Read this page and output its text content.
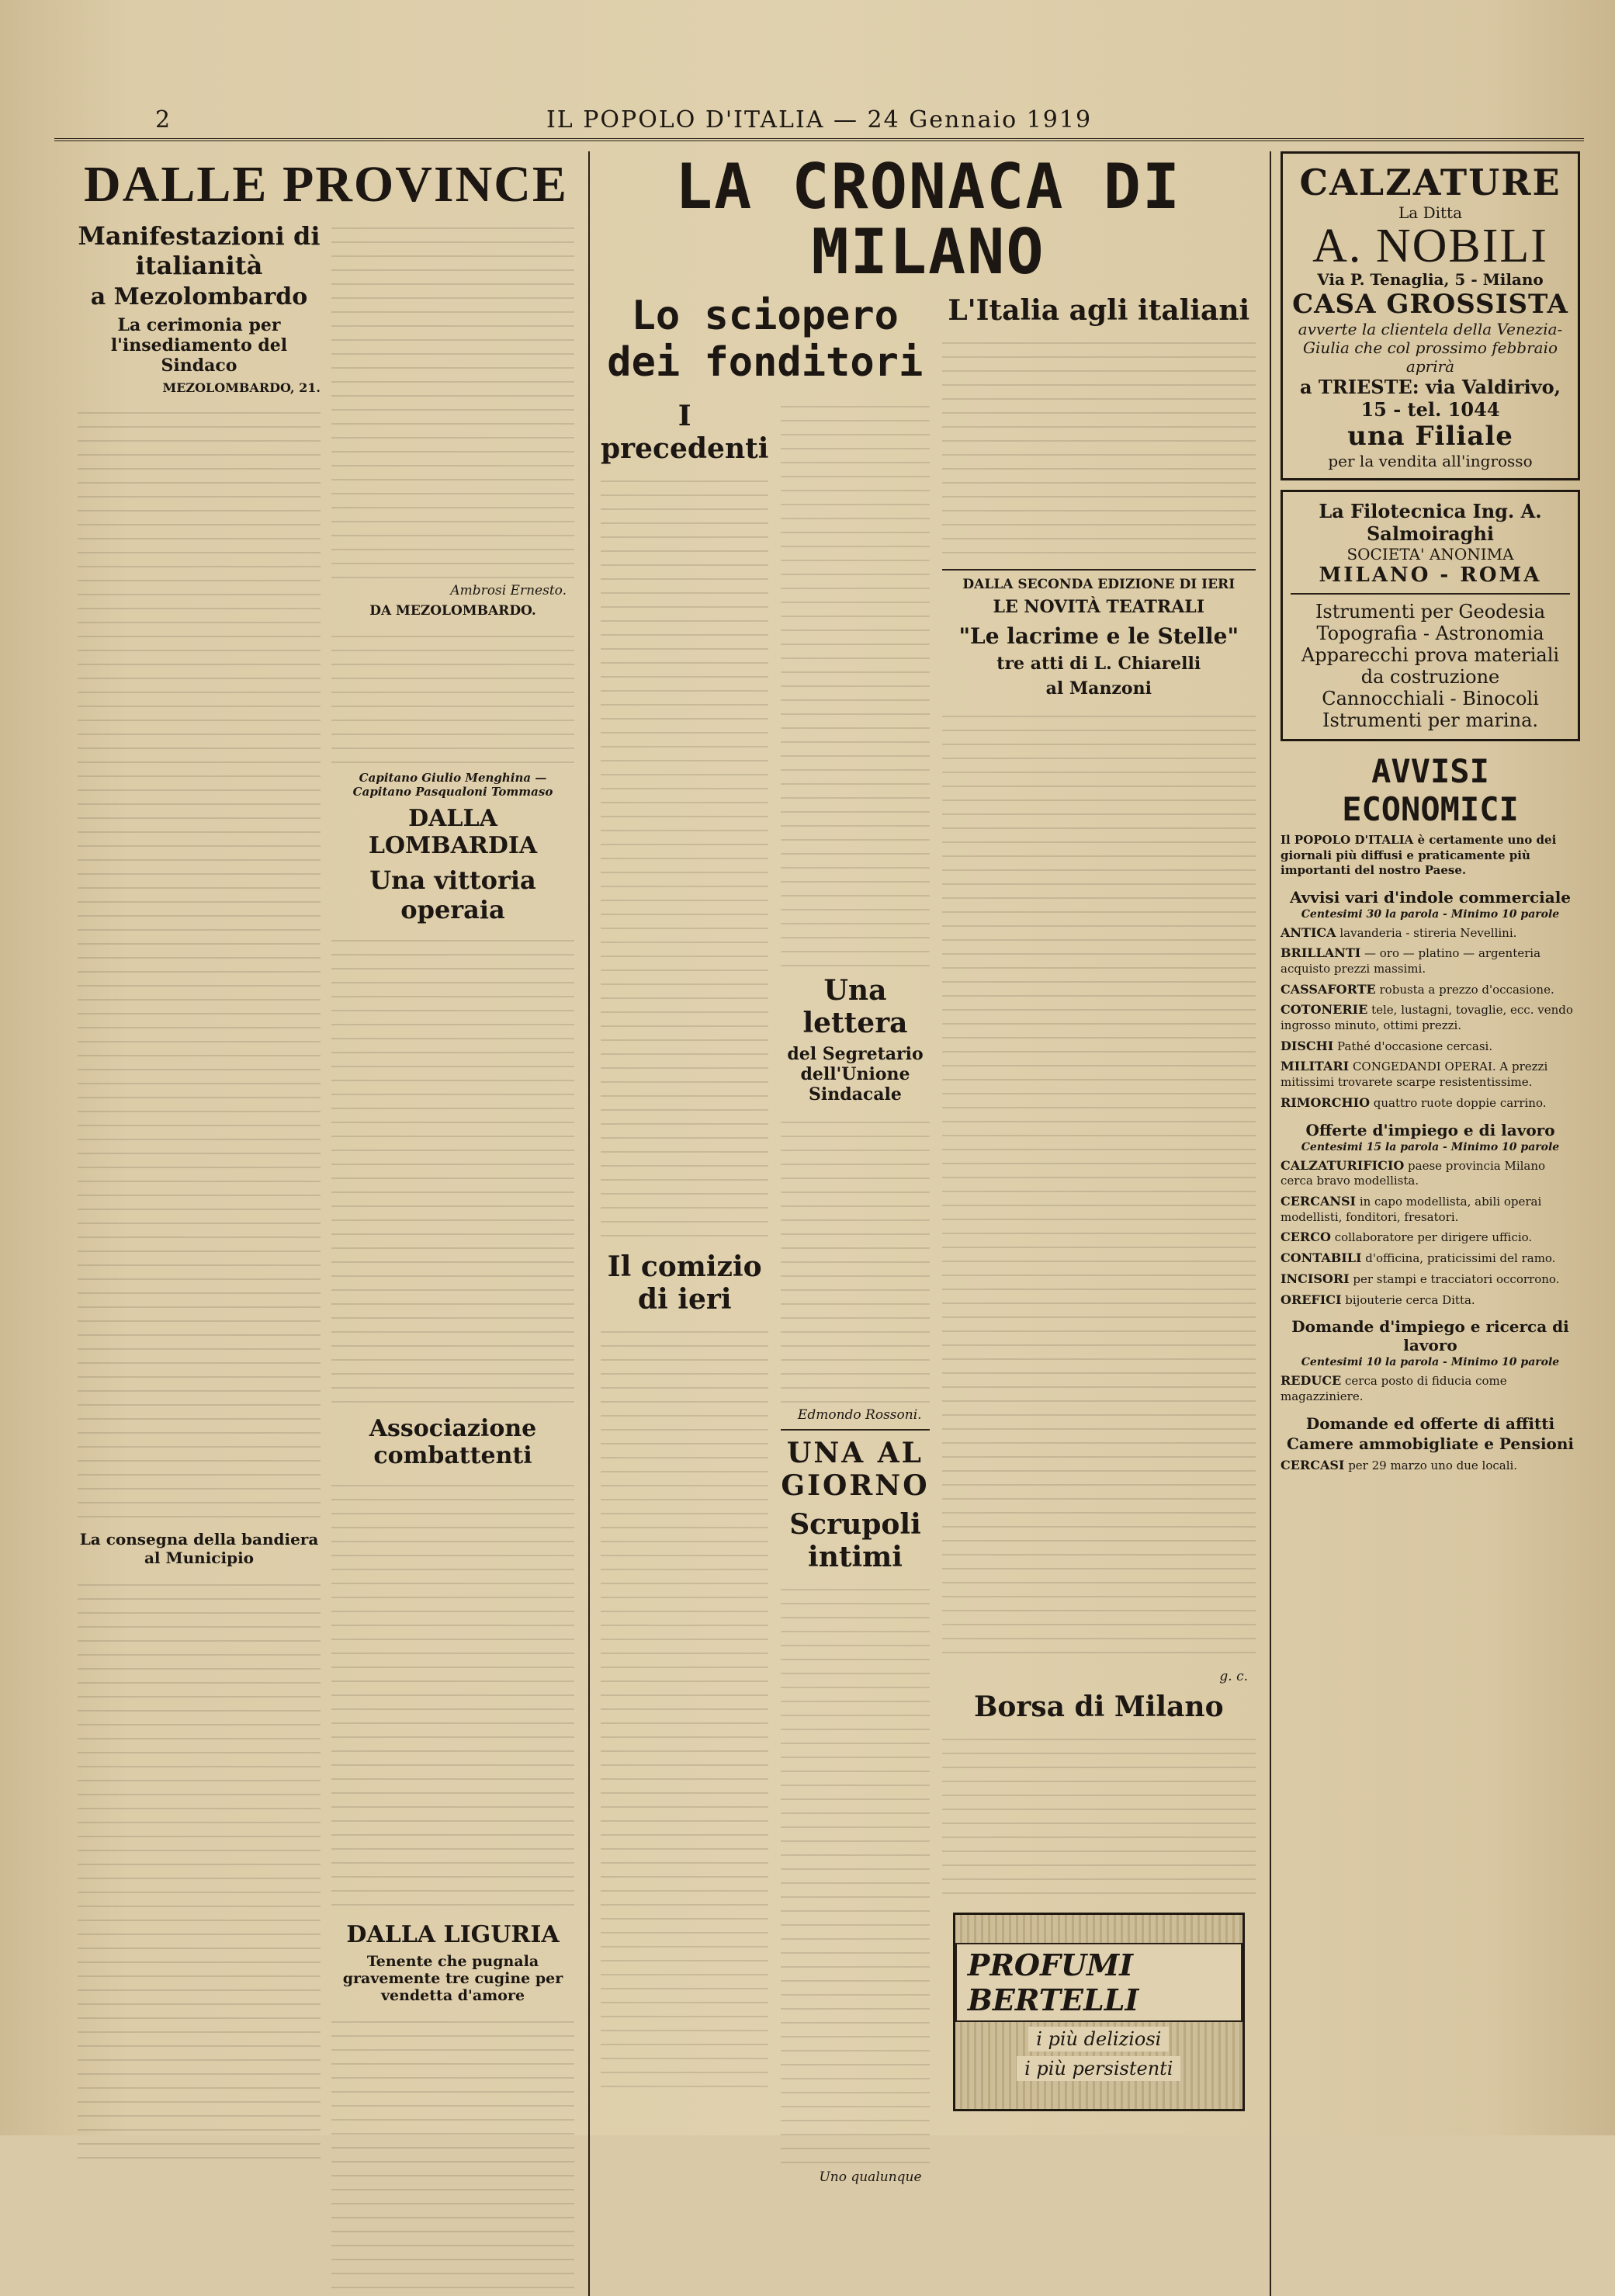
2	IL POPOLO D'ITALIA — 24 Gennaio 1919
DALLE PROVINCE
Manifestazioni di italianità
a Mezolombardo
La cerimonia per l'insediamento del Sindaco
MEZOLOMBARDO, 21.
La consegna della bandiera al Municipio
Ambrosi Ernesto.
DA MEZOLOMBARDO.
Capitano Giulio Menghina — Capitano Pasqualoni Tommaso
DALLA LOMBARDIA
Una vittoria operaia
Associazione combattenti
DALLA LIGURIA
Tenente che pugnala gravemente tre cugine per vendetta d'amore
LA CRONACA DI MILANO
Lo sciopero dei fonditori
I precedenti
Il comizio di ieri
Una lettera
del Segretario dell'Unione Sindacale
Edmondo Rossoni.
UNA AL GIORNO
Scrupoli intimi
Uno qualunque
L'Italia agli italiani
DALLA SECONDA EDIZIONE DI IERI
LE NOVITÀ TEATRALI
"Le lacrime e le Stelle"
tre atti di L. Chiarelli
al Manzoni
g. c.
Borsa di Milano
PROFUMI BERTELLI
i più deliziosi
i più persistenti
CALZATURE
La Ditta
A. NOBILI
Via P. Tenaglia, 5 - Milano
CASA GROSSISTA
avverte la clientela della Venezia-Giulia che col prossimo febbraio aprirà
a TRIESTE: via Valdirivo, 15 - tel. 1044
una Filiale
per la vendita all'ingrosso
La Filotecnica Ing. A. Salmoiraghi
SOCIETA' ANONIMA
MILANO - ROMA
Istrumenti per Geodesia
Topografia - Astronomia
Apparecchi prova materiali da costruzione
Cannocchiali - Binocoli
Istrumenti per marina.
AVVISI ECONOMICI
Il POPOLO D'ITALIA è certamente uno dei giornali più diffusi e praticamente più importanti del nostro Paese.
Avvisi vari d'indole commerciale
Centesimi 30 la parola - Minimo 10 parole
ANTICA lavanderia - stireria Nevellini.
BRILLANTI — oro — platino — argenteria acquisto prezzi massimi.
CASSAFORTE robusta a prezzo d'occasione.
COTONERIE tele, lustagni, tovaglie, ecc. vendo ingrosso minuto, ottimi prezzi.
DISCHI Pathé d'occasione cercasi.
MILITARI CONGEDANDI OPERAI. A prezzi mitissimi trovarete scarpe resistentissime.
RIMORCHIO quattro ruote doppie carrino.
Offerte d'impiego e di lavoro
Centesimi 15 la parola - Minimo 10 parole
CALZATURIFICIO paese provincia Milano cerca bravo modellista.
CERCANSI in capo modellista, abili operai modellisti, fonditori, fresatori.
CERCO collaboratore per dirigere ufficio.
CONTABILI d'officina, praticissimi del ramo.
INCISORI per stampi e tracciatori occorrono.
OREFICI bijouterie cerca Ditta.
Domande d'impiego e ricerca di lavoro
Centesimi 10 la parola - Minimo 10 parole
REDUCE cerca posto di fiducia come magazziniere.
Domande ed offerte di affitti
Camere ammobigliate e Pensioni
CERCASI per 29 marzo uno due locali.
